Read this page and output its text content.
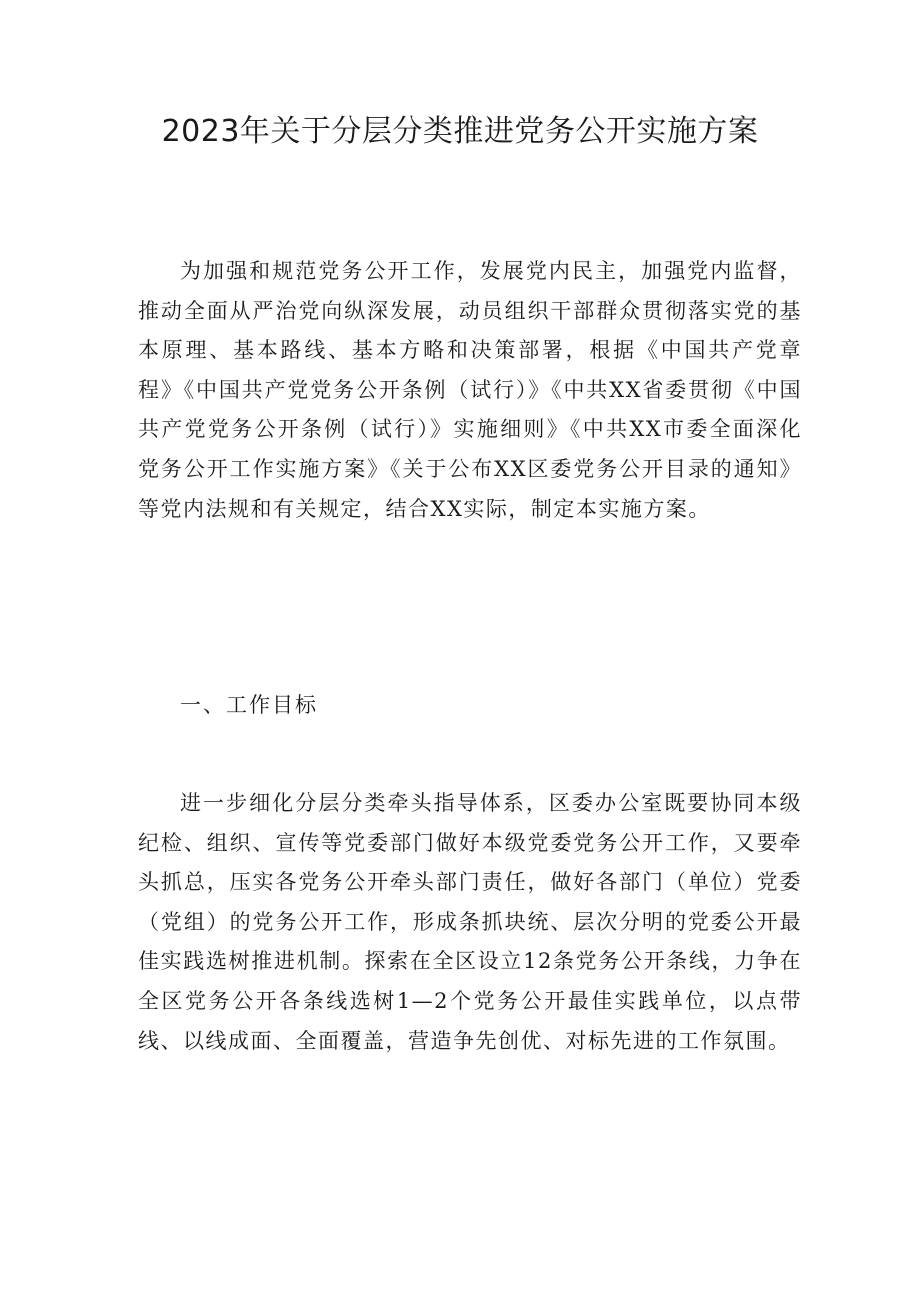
2023年关于分层分类推进党务公开实施方案

为加强和规范党务公开工作，发展党内民主，加强党内监督，推动全面从严治党向纵深发展，动员组织干部群众贯彻落实党的基本原理、基本路线、基本方略和决策部署，根据《中国共产党章程》《中国共产党党务公开条例（试行）》《中共XX省委贯彻《中国共产党党务公开条例（试行）》实施细则》《中共XX市委全面深化党务公开工作实施方案》《关于公布XX区委党务公开目录的通知》等党内法规和有关规定，结合XX实际，制定本实施方案。

一、工作目标

进一步细化分层分类牵头指导体系，区委办公室既要协同本级纪检、组织、宣传等党委部门做好本级党委党务公开工作，又要牵头抓总，压实各党务公开牵头部门责任，做好各部门（单位）党委（党组）的党务公开工作，形成条抓块统、层次分明的党委公开最佳实践选树推进机制。探索在全区设立12条党务公开条线，力争在全区党务公开各条线选树1—2个党务公开最佳实践单位，以点带线、以线成面、全面覆盖，营造争先创优、对标先进的工作氛围。
